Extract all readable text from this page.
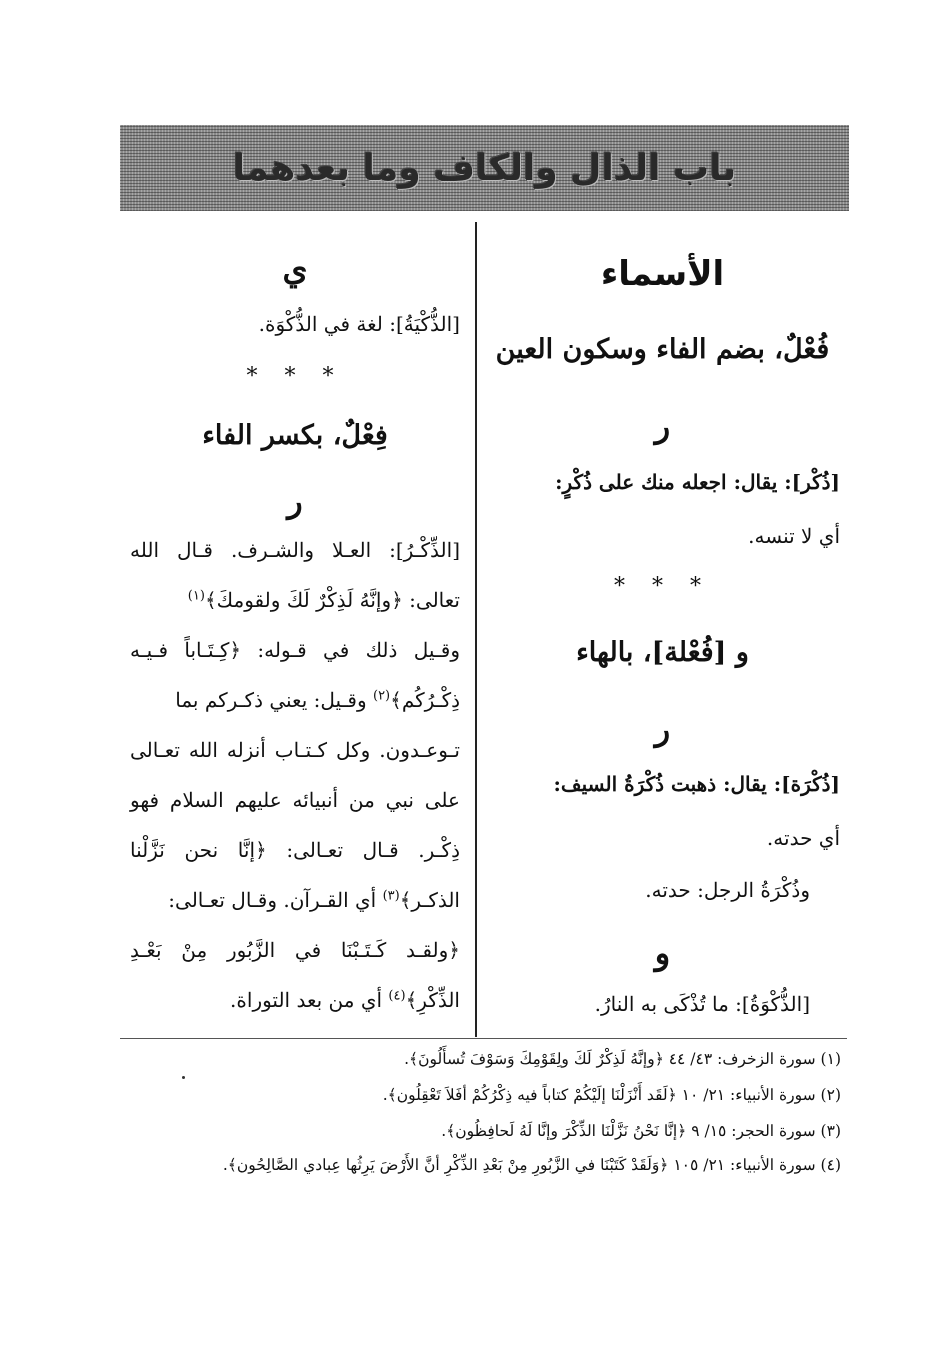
باب الذال والكاف وما بعدهما
الأسماء
فُعْلٌ، بضم الفاء وسكون العين
ر
[ذُكْر]: يقال: اجعله منك على ذُكْرٍ:
أي لا تنسه.
* * *
و [فُعْلة]، بالهاء
ر
[ذُكْرَة]: يقال: ذهبت ذُكْرَةُ السيف:
أي حدته.
وذُكْرَةُ الرجل: حدته.
و
[الذُّكْوَةُ]: ما تُذْكَى به النارُ.
ي
[الذُّكْيَةُ]: لغة في الذُّكْوَة.
* * *
فِعْلٌ، بكسر الفاء
ر
[الذِّكْـرُ]: العـلا والشـرف. قـال الله
تعالى: ﴿وإنَّهُ لَذِكْرٌ لَكَ ولقومكَ﴾$^{(١)}$
وقـيل ذلك في قـوله: ﴿كِـتَـاباً فـيـه
ذِكْـرُكُم﴾$^{(٢)}$ وقـيل: يعني ذكـركم بما
تـوعـدون. وكل كـتـاب أنزله الله تعـالى
على نبي من أنبيائه عليهم السلام فهو
ذِكْـر. قـال تعـالى: ﴿إنَّا نحن نَزَّلْنا
الذكـر﴾$^{(٣)}$ أي القـرآن. وقـال تعـالى:
﴿ولقـد كَـتَـبْنَا في الزَّبُور مِنْ بَعْـدِ
الذِّكْرِ﴾$^{(٤)}$ أي من بعد التوراة.
(١) سورة الزخرف: ٤٣/ ٤٤ ﴿وإنَّهُ لَذِكْرٌ لَكَ ولِقَوْمِكَ وَسَوْفَ تُسأَلُونَ﴾.
(٢) سورة الأنبياء: ٢١/ ١٠ ﴿لَقَد أَنْزَلْنَا إلَيْكُمْ كتاباً فيه ذِكْرُكُمْ أفَلاَ تَعْقِلُون﴾.
(٣) سورة الحجر: ١٥/ ٩ ﴿إنَّا نَحْنُ نَزَّلْنَا الذِّكْرَ وإنَّا لَهُ لَحافِظُون﴾.
(٤) سورة الأنبياء: ٢١/ ١٠٥ ﴿وَلَقَدْ كَتَبْنَا في الزَّبُورِ مِنْ بَعْدِ الذِّكْرِ أنَّ الأَرْضَ يَرِثُها عِبادي الصَّالِحُون﴾.
